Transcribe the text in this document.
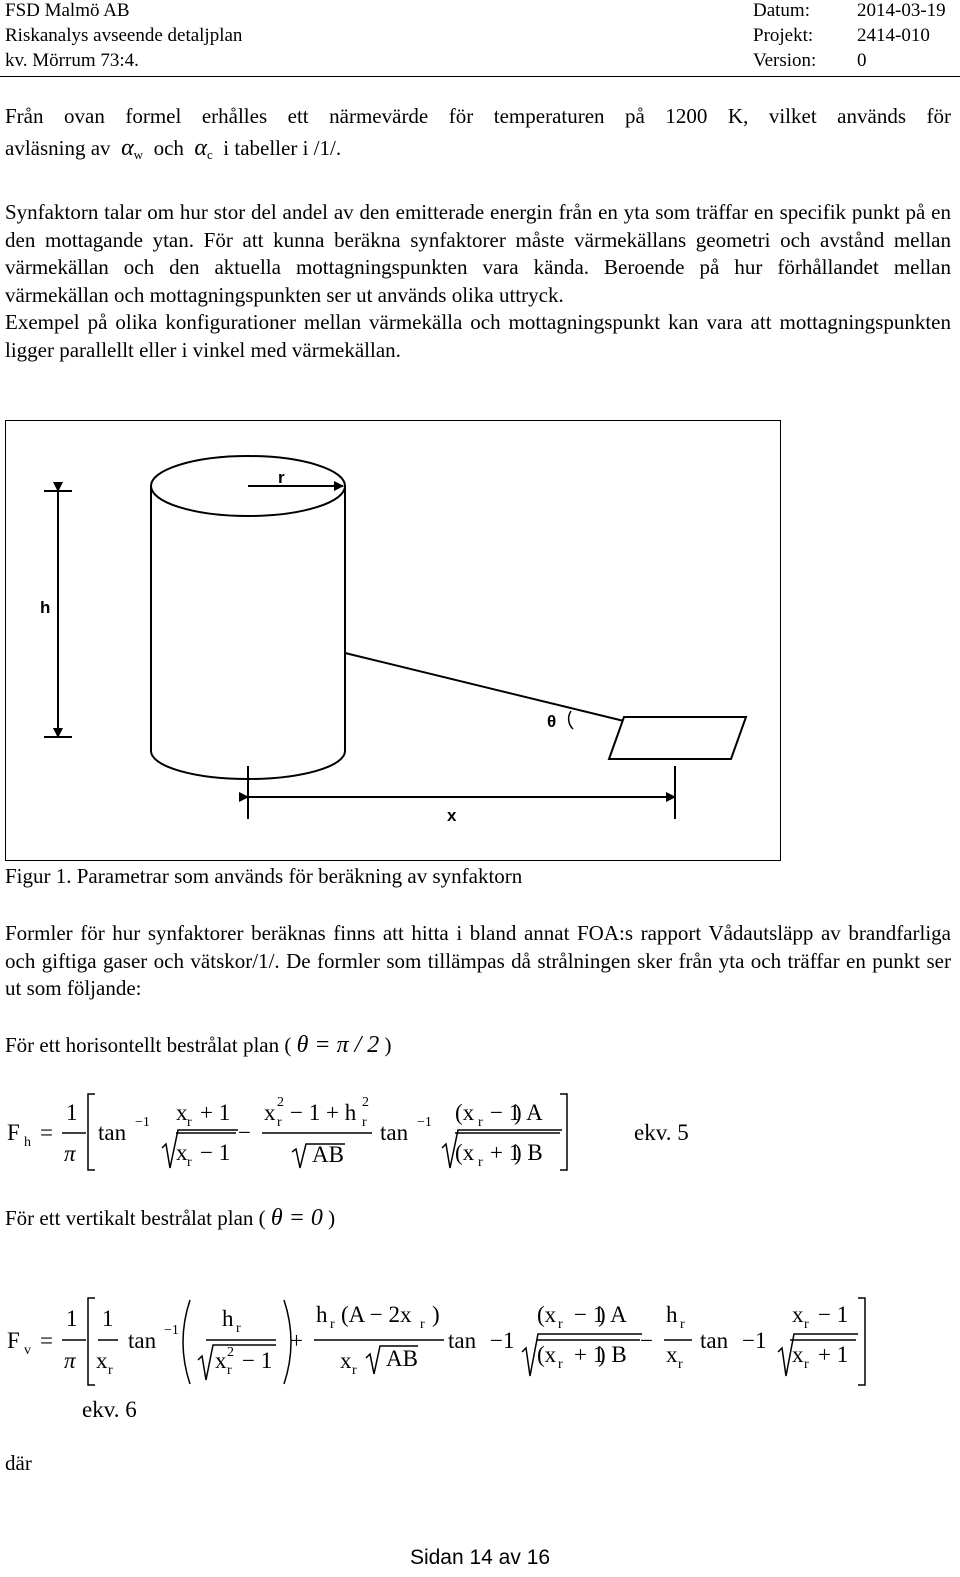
FSD Malmö AB
Riskanalys avseende detaljplan
kv. Mörrum 73:4.
Datum:
Projekt:
Version:
2014-03-19
2414-010
0

Från ovan formel erhålles ett närmevärde för temperaturen på 1200 K, vilket används för

avläsning av $\alpha_w$ och $\alpha_c$ i tabeller i /1/.

Synfaktorn talar om hur stor del andel av den emitterade energin från en yta som träffar en specifik punkt på en den mottagande ytan. För att kunna beräkna synfaktorer måste värmekällans geometri och avstånd mellan värmekällan och den aktuella mottagningspunkten vara kända. Beroende på hur förhållandet mellan värmekällan och mottagningspunkten ser ut används olika uttryck.

Exempel på olika konfigurationer mellan värmekälla och mottagningspunkt kan vara att mottagningspunkten ligger parallellt eller i vinkel med värmekällan.

r
h
θ
x
Figur 1. Parametrar som används för beräkning av synfaktorn
Formler för hur synfaktorer beräknas finns att hitta i bland annat FOA:s rapport Vådautsläpp av brandfarliga och giftiga gaser och vätskor/1/. De formler som tillämpas då strålningen sker från yta och träffar en punkt ser ut som följande:
För ett horisontellt bestrålat plan ( θ = π / 2 )
F h =
1
π
tan −1 x r + 1
x r − 1
−
x 2
r − 1 + h 2
r
AB
tan −1 (x r − 1
) A
(x r + 1
) B
ekv. 5
För ett vertikalt bestrålat plan ( θ = 0 )
F v =
1
π
1
x r
tan −1 h r
x 2
r − 1
+
h r (A − 2x r )
x r AB
tan −1
(x r − 1
) A
(x r + 1
) B
−
h r
x r
tan −1
x r − 1
x r + 1
ekv. 6
där
Sidan 14 av 16
